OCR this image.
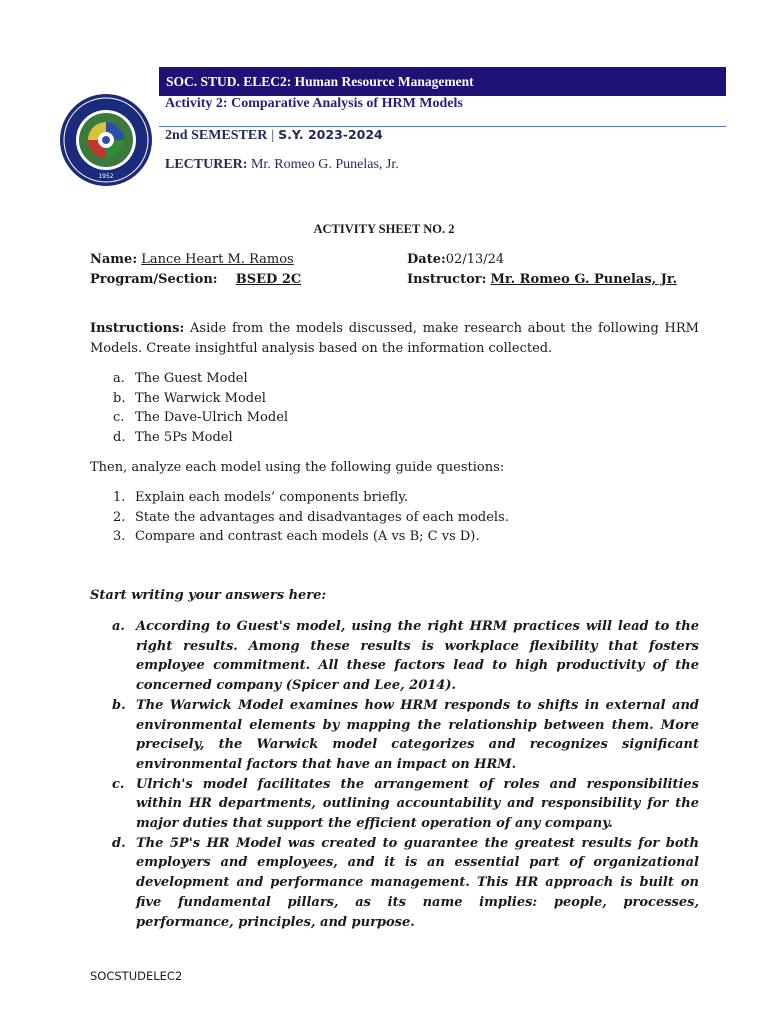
1952
SOC. STUD. ELEC2: Human Resource Management
Activity 2: Comparative Analysis of HRM Models
2nd SEMESTER | S.Y. 2023-2024
LECTURER: Mr. Romeo G. Punelas, Jr.
ACTIVITY SHEET NO. 2
Name: Lance Heart M. Ramos	Date:02/13/24
Program/Section: BSED 2C	Instructor: Mr. Romeo G. Punelas, Jr.
Instructions: Aside from the models discussed, make research about the following HRM Models. Create insightful analysis based on the information collected.
a. The Guest Model
b. The Warwick Model
c. The Dave-Ulrich Model
d. The 5Ps Model
Then, analyze each model using the following guide questions:
1. Explain each models’ components briefly.
2. State the advantages and disadvantages of each models.
3. Compare and contrast each models (A vs B; C vs D).
Start writing your answers here:
a. According to Guest's model, using the right HRM practices will lead to the right results. Among these results is workplace flexibility that fosters employee commitment. All these factors lead to high productivity of the concerned company (Spicer and Lee, 2014).
b. The Warwick Model examines how HRM responds to shifts in external and environmental elements by mapping the relationship between them. More precisely, the Warwick model categorizes and recognizes significant environmental factors that have an impact on HRM.
c. Ulrich's model facilitates the arrangement of roles and responsibilities within HR departments, outlining accountability and responsibility for the major duties that support the efficient operation of any company.
d. The 5P's HR Model was created to guarantee the greatest results for both employers and employees, and it is an essential part of organizational development and performance management. This HR approach is built on five fundamental pillars, as its name implies: people, processes, performance, principles, and purpose.
SOCSTUDELEC2
